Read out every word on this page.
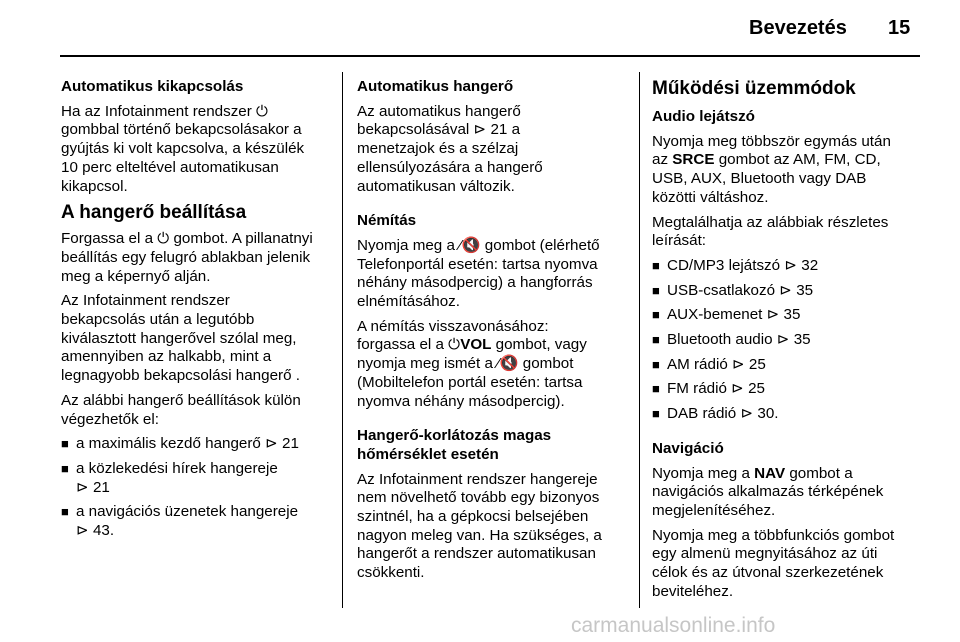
Bevezetés 15

Automatikus kikapcsolás

Ha az Infotainment rendszer ⏻
gombbal történő bekapcsolásakor a
gyújtás ki volt kapcsolva, a készülék
10 perc elteltével automatikusan
kikapcsol.

A hangerő beállítása

Forgassa el a ⏻ gombot. A pillanatnyi
beállítás egy felugró ablakban jelenik
meg a képernyő alján.

Az Infotainment rendszer
bekapcsolás után a legutóbb
kiválasztott hangerővel szólal meg,
amennyiben az halkabb, mint a
legnagyobb bekapcsolási hangerő .

Az alábbi hangerő beállítások külön
végezhetők el:

■ a maximális kezdő hangerő ⊳ 21
■ a közlekedési hírek hangereje
⊳ 21
■ a navigációs üzenetek hangereje
⊳ 43.

Automatikus hangerő

Az automatikus hangerő
bekapcsolásával ⊳ 21 a
menetzajok és a szélzaj
ellensúlyozására a hangerő
automatikusan változik.

Némítás

Nyomja meg a ⁄🔇 gombot (elérhető
Telefonportál esetén: tartsa nyomva
néhány másodpercig) a hangforrás
elnémításához.

A némítás visszavonásához:
forgassa el a ⏻VOL gombot, vagy
nyomja meg ismét a ⁄🔇 gombot
(Mobiltelefon portál esetén: tartsa
nyomva néhány másodpercig).

Hangerő-korlátozás magas
hőmérséklet esetén

Az Infotainment rendszer hangereje
nem növelhető tovább egy bizonyos
szintnél, ha a gépkocsi belsejében
nagyon meleg van. Ha szükséges, a
hangerőt a rendszer automatikusan
csökkenti.

Működési üzemmódok

Audio lejátszó

Nyomja meg többször egymás után
az SRCE gombot az AM, FM, CD,
USB, AUX, Bluetooth vagy DAB
közötti váltáshoz.

Megtalálhatja az alábbiak részletes
leírását:

■ CD/MP3 lejátszó ⊳ 32
■ USB-csatlakozó ⊳ 35
■ AUX-bemenet ⊳ 35
■ Bluetooth audio ⊳ 35
■ AM rádió ⊳ 25
■ FM rádió ⊳ 25
■ DAB rádió ⊳ 30.

Navigáció

Nyomja meg a NAV gombot a
navigációs alkalmazás térképének
megjelenítéséhez.

Nyomja meg a többfunkciós gombot
egy almenü megnyitásához az úti
célok és az útvonal szerkezetének
beviteléhez.

carmanualsonline.info
